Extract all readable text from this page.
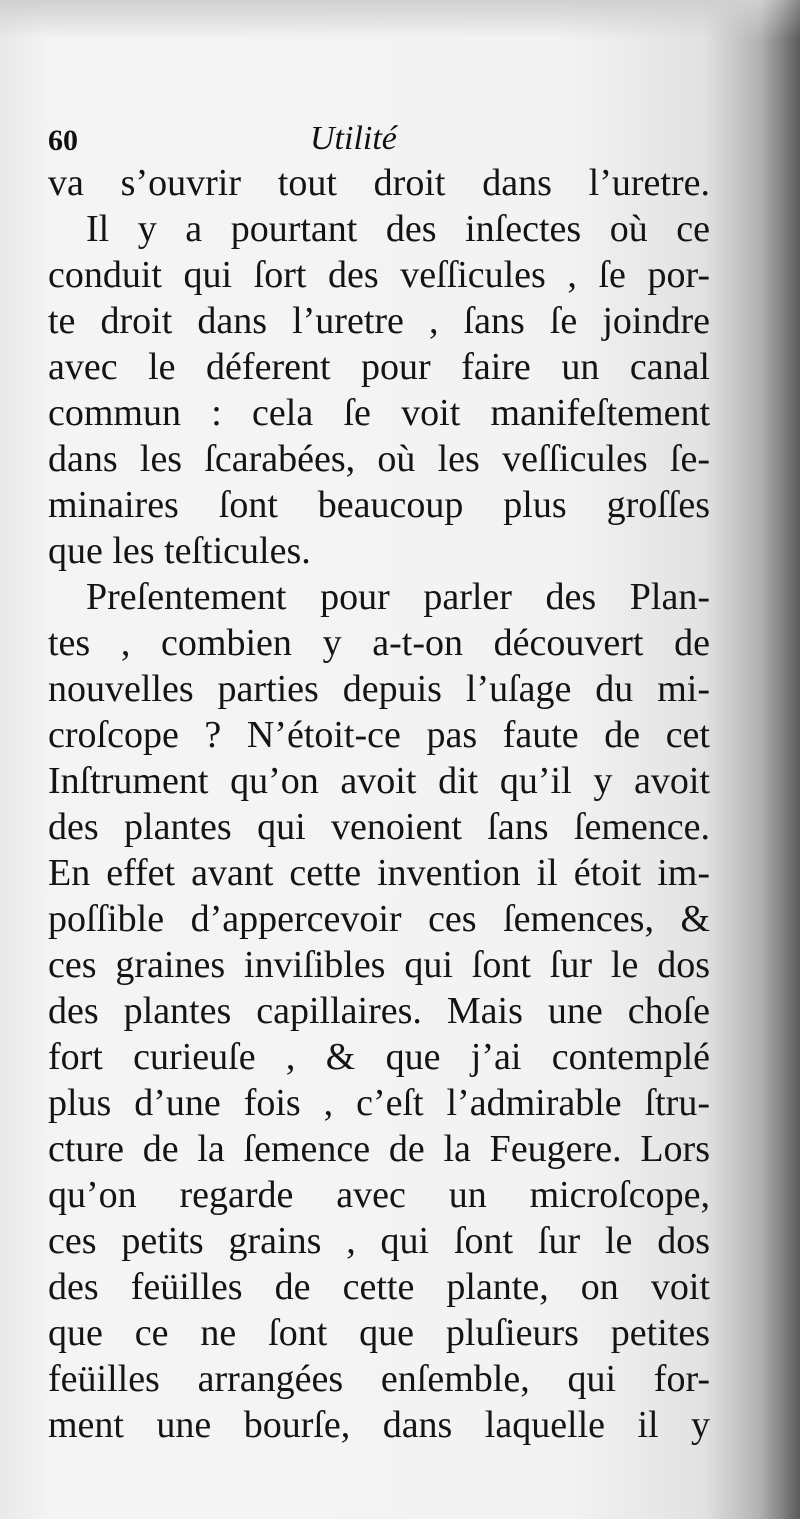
60	Utilité
va s’ouvrir tout droit dans l’uretre.
Il y a pourtant des inſectes où ce
conduit qui ſort des veſſicules , ſe por-
te droit dans l’uretre , ſans ſe joindre
avec le déferent pour faire un canal
commun : cela ſe voit manifeſtement
dans les ſcarabées, où les veſſicules ſe-
minaires ſont beaucoup plus groſſes
que les teſticules.
Preſentement pour parler des Plan-
tes , combien y a-t-on découvert de
nouvelles parties depuis l’uſage du mi-
croſcope ? N’étoit-ce pas faute de cet
Inſtrument qu’on avoit dit qu’il y avoit
des plantes qui venoient ſans ſemence.
En effet avant cette invention il étoit im-
poſſible d’appercevoir ces ſemences, &
ces graines inviſibles qui ſont ſur le dos
des plantes capillaires. Mais une choſe
fort curieuſe , & que j’ai contemplé
plus d’une fois , c’eſt l’admirable ſtru-
cture de la ſemence de la Feugere. Lors
qu’on regarde avec un microſcope,
ces petits grains , qui ſont ſur le dos
des feüilles de cette plante, on voit
que ce ne ſont que pluſieurs petites
feüilles arrangées enſemble, qui for-
ment une bourſe, dans laquelle il y
